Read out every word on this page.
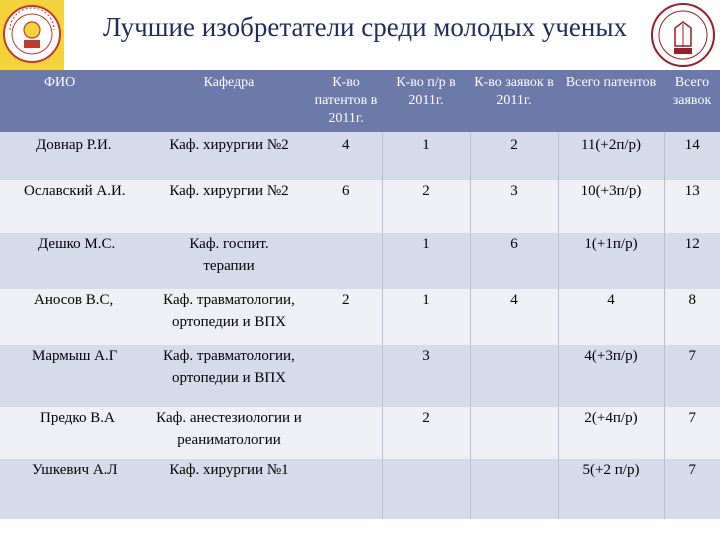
Лучшие изобретатели среди молодых ученых
ФИО	Кафедра	К-во патентов в 2011г.	К-во п/р в 2011г.	К-во заявок в 2011г.	Всего патентов	Всего заявок

Довнар Р.И.	Каф. хирургии №2	4	1	2	11(+2п/р)	14
Ославский А.И.	Каф. хирургии №2	6	2	3	10(+3п/р)	13
Дешко М.С.	Каф. госпит. терапии		1	6	1(+1п/р)	12
Аносов В.С,	Каф. травматологии, ортопедии и ВПХ	2	1	4	4	8
Мармыш А.Г	Каф. травматологии, ортопедии и ВПХ		3		4(+3п/р)	7
Предко В.А	Каф. анестезиологии и реаниматологии		2		2(+4п/р)	7
Ушкевич А.Л	Каф. хирургии №1				5(+2 п/р)	7
